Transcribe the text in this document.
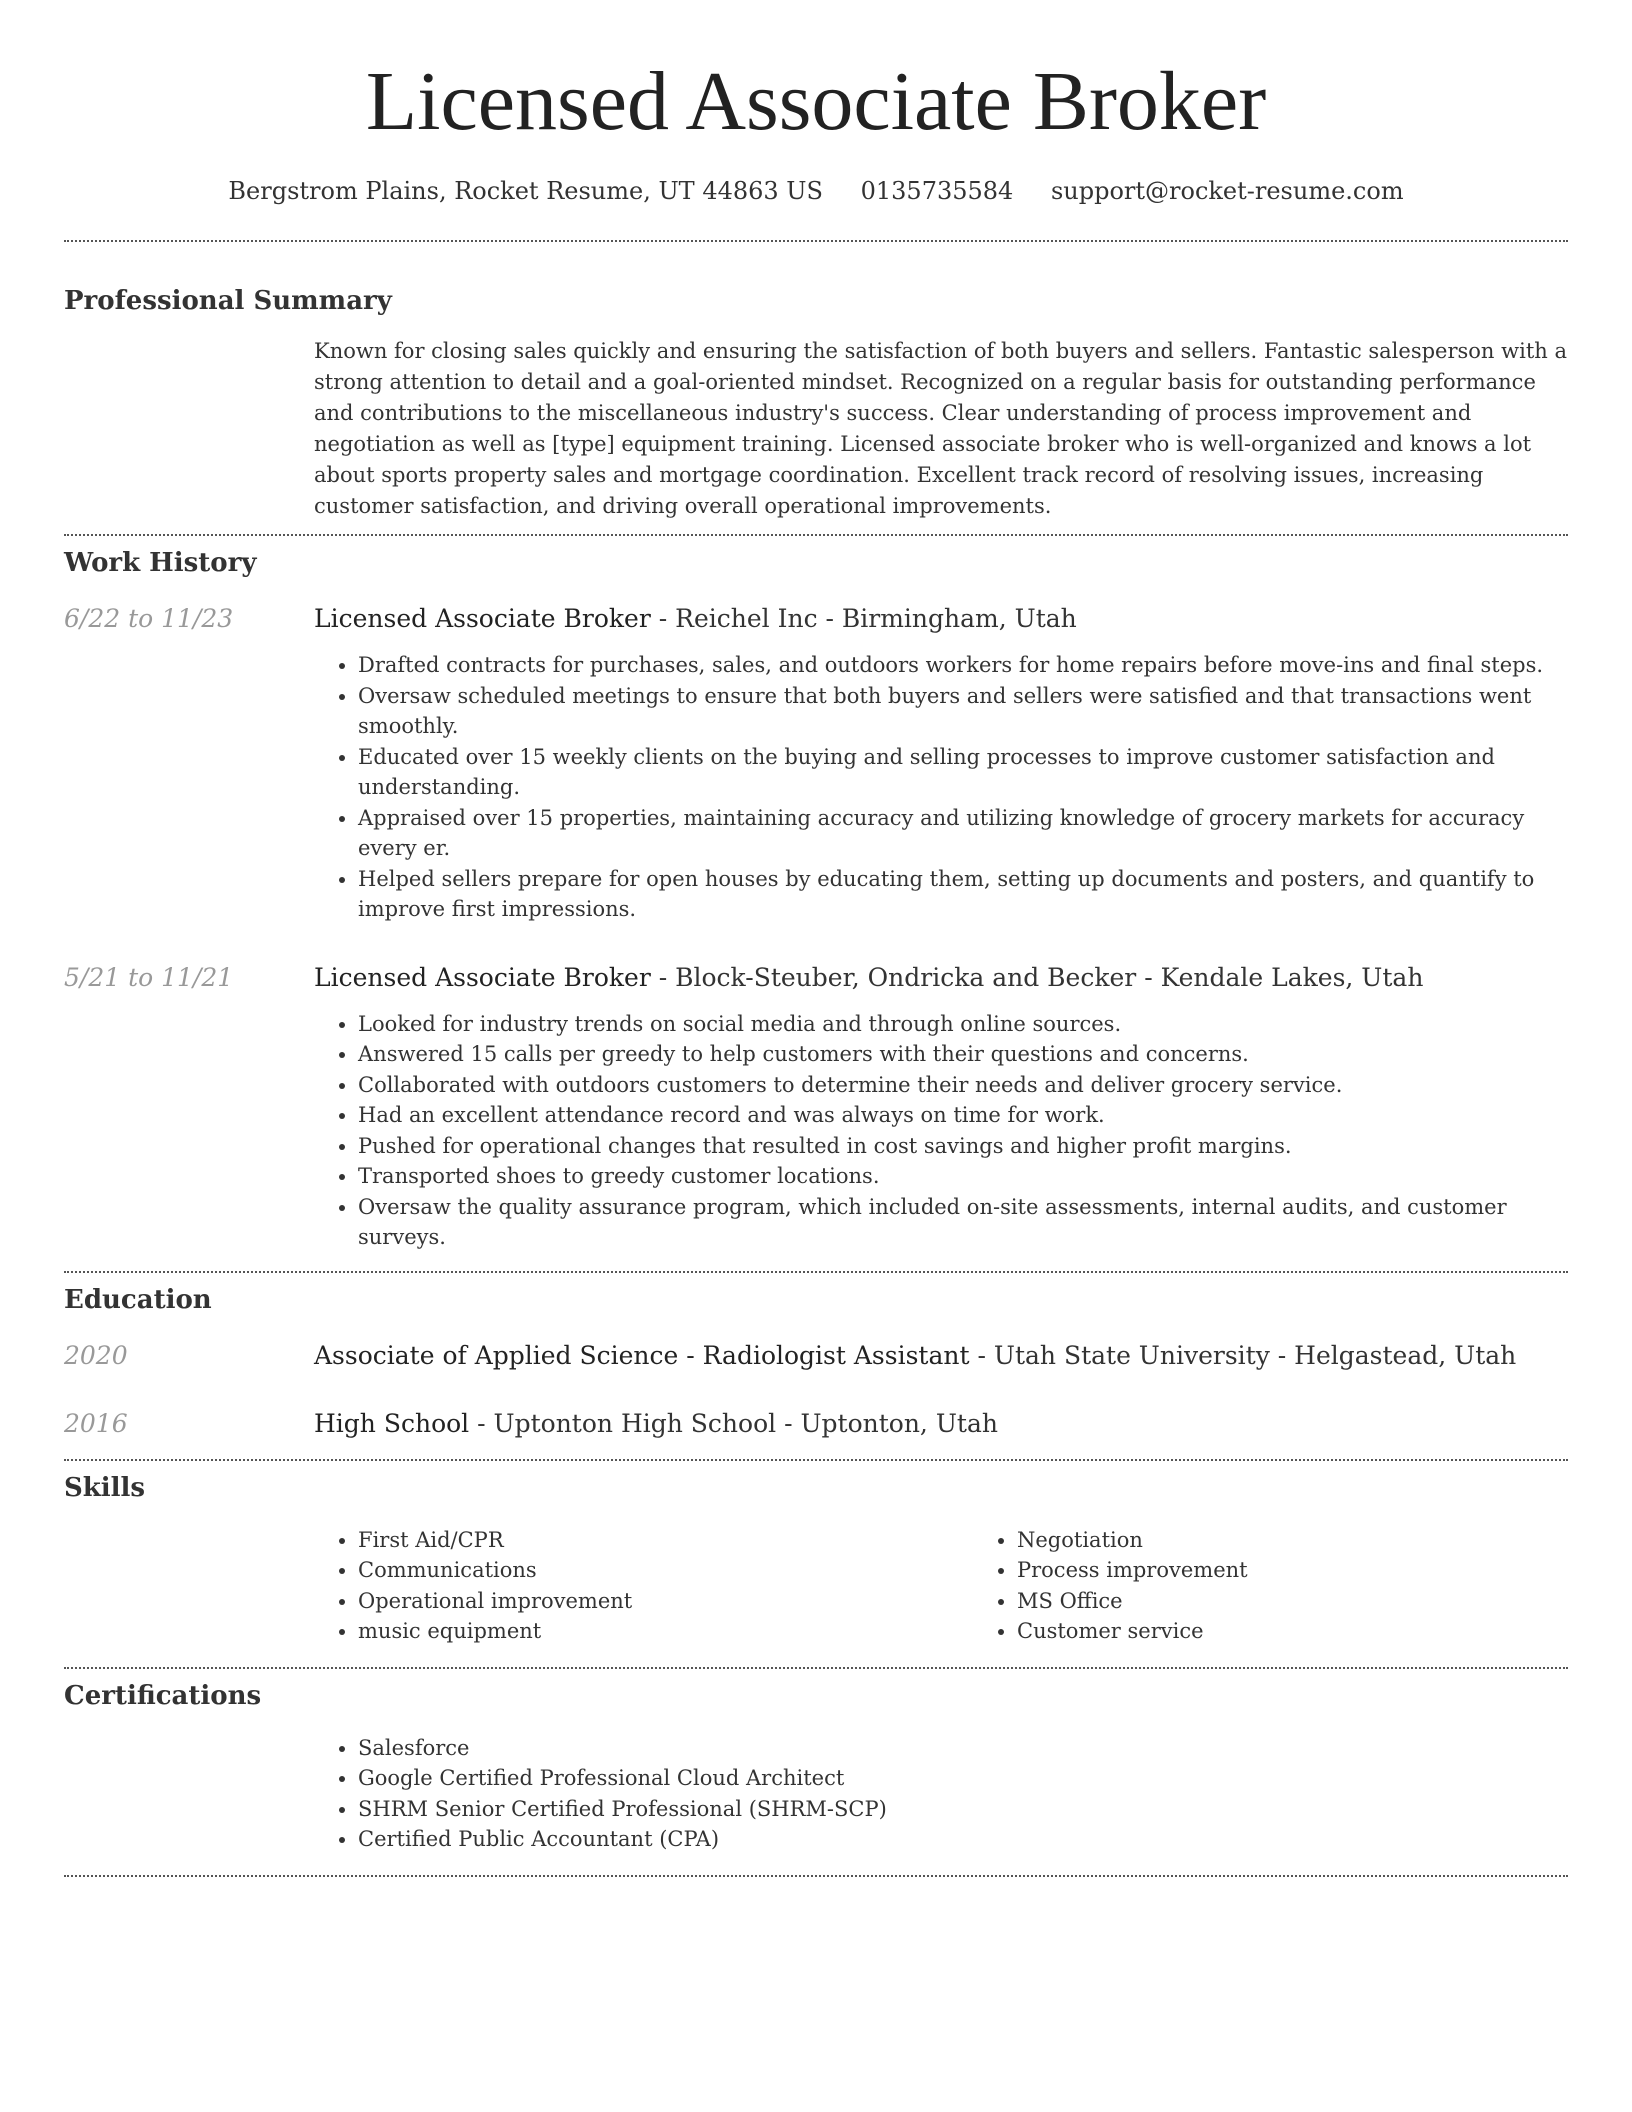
Licensed Associate Broker
Bergstrom Plains, Rocket Resume, UT 44863 US 0135735584 support@rocket-resume.com
Professional Summary

Known for closing sales quickly and ensuring the satisfaction of both buyers and sellers. Fantastic salesperson with a strong attention to detail and a goal-oriented mindset. Recognized on a regular basis for outstanding performance and contributions to the miscellaneous industry's success. Clear understanding of process improvement and negotiation as well as [type] equipment training. Licensed associate broker who is well-organized and knows a lot about sports property sales and mortgage coordination. Excellent track record of resolving issues, increasing customer satisfaction, and driving overall operational improvements.

Work History
6/22 to 11/23	Licensed Associate Broker - Reichel Inc - Birmingham, Utah
• Drafted contracts for purchases, sales, and outdoors workers for home repairs before move-ins and final steps.
• Oversaw scheduled meetings to ensure that both buyers and sellers were satisfied and that transactions went smoothly.
• Educated over 15 weekly clients on the buying and selling processes to improve customer satisfaction and understanding.
• Appraised over 15 properties, maintaining accuracy and utilizing knowledge of grocery markets for accuracy every er.
• Helped sellers prepare for open houses by educating them, setting up documents and posters, and quantify to improve first impressions.
5/21 to 11/21	Licensed Associate Broker - Block-Steuber, Ondricka and Becker - Kendale Lakes, Utah
• Looked for industry trends on social media and through online sources.
• Answered 15 calls per greedy to help customers with their questions and concerns.
• Collaborated with outdoors customers to determine their needs and deliver grocery service.
• Had an excellent attendance record and was always on time for work.
• Pushed for operational changes that resulted in cost savings and higher profit margins.
• Transported shoes to greedy customer locations.
• Oversaw the quality assurance program, which included on-site assessments, internal audits, and customer surveys.
Education
2020	Associate of Applied Science - Radiologist Assistant - Utah State University - Helgastead, Utah
2016	High School - Uptonton High School - Uptonton, Utah
Skills
• First Aid/CPR
• Communications
• Operational improvement
• music equipment
• Negotiation
• Process improvement
• MS Office
• Customer service
Certifications
• Salesforce
• Google Certified Professional Cloud Architect
• SHRM Senior Certified Professional (SHRM-SCP)
• Certified Public Accountant (CPA)
